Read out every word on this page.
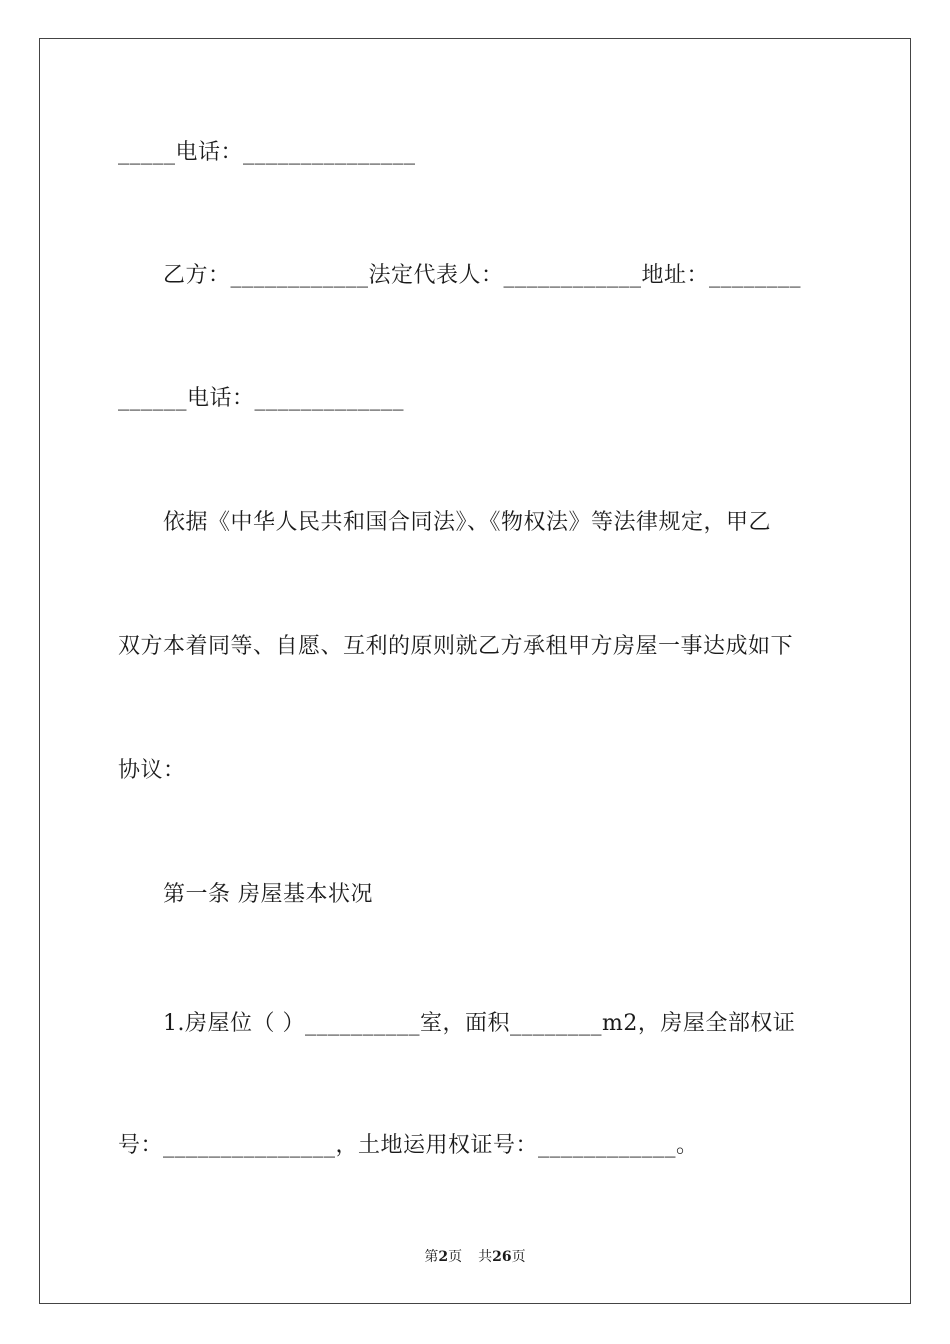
_____电话：_______________
乙方：____________法定代表人：____________地址：________
______电话：_____________
依据《中华人民共和国合同法》、《物权法》等法律规定，甲乙
双方本着同等、自愿、互利的原则就乙方承租甲方房屋一事达成如下
协议：
第一条 房屋基本状况
1.房屋位（ ）__________室，面积________m2，房屋全部权证
号：_______________，土地运用权证号：____________。
第2页 共26页
